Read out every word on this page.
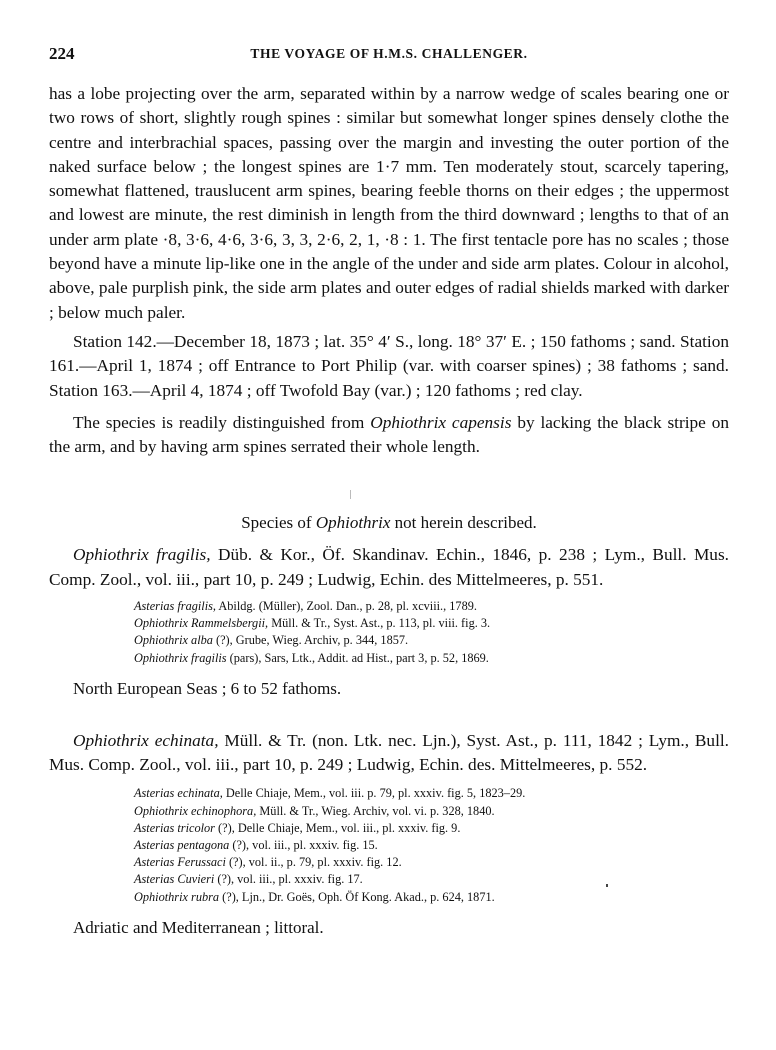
224	THE VOYAGE OF H.M.S. CHALLENGER.

has a lobe projecting over the arm, separated within by a narrow wedge of scales bearing one or two rows of short, slightly rough spines : similar but somewhat longer spines densely clothe the centre and interbrachial spaces, passing over the margin and investing the outer portion of the naked surface below ; the longest spines are 1·7 mm. Ten moderately stout, scarcely tapering, somewhat flattened, trauslucent arm spines, bearing feeble thorns on their edges ; the uppermost and lowest are minute, the rest diminish in length from the third downward ; lengths to that of an under arm plate ·8, 3·6, 4·6, 3·6, 3, 3, 2·6, 2, 1, ·8 : 1. The first tentacle pore has no scales ; those beyond have a minute lip-like one in the angle of the under and side arm plates. Colour in alcohol, above, pale purplish pink, the side arm plates and outer edges of radial shields marked with darker ; below much paler.

Station 142.—December 18, 1873 ; lat. 35° 4′ S., long. 18° 37′ E. ; 150 fathoms ; sand. Station 161.—April 1, 1874 ; off Entrance to Port Philip (var. with coarser spines) ; 38 fathoms ; sand. Station 163.—April 4, 1874 ; off Twofold Bay (var.) ; 120 fathoms ; red clay.

The species is readily distinguished from Ophiothrix capensis by lacking the black stripe on the arm, and by having arm spines serrated their whole length.

Species of Ophiothrix not herein described.

Ophiothrix fragilis, Düb. & Kor., Öf. Skandinav. Echin., 1846, p. 238 ; Lym., Bull. Mus. Comp. Zool., vol. iii., part 10, p. 249 ; Ludwig, Echin. des Mittelmeeres, p. 551.

Asterias fragilis, Abildg. (Müller), Zool. Dan., p. 28, pl. xcviii., 1789.
Ophiothrix Rammelsbergii, Müll. & Tr., Syst. Ast., p. 113, pl. viii. fig. 3.
Ophiothrix alba (?), Grube, Wieg. Archiv, p. 344, 1857.
Ophiothrix fragilis (pars), Sars, Ltk., Addit. ad Hist., part 3, p. 52, 1869.

North European Seas ; 6 to 52 fathoms.

Ophiothrix echinata, Müll. & Tr. (non. Ltk. nec. Ljn.), Syst. Ast., p. 111, 1842 ; Lym., Bull. Mus. Comp. Zool., vol. iii., part 10, p. 249 ; Ludwig, Echin. des. Mittelmeeres, p. 552.

Asterias echinata, Delle Chiaje, Mem., vol. iii. p. 79, pl. xxxiv. fig. 5, 1823–29.
Ophiothrix echinophora, Müll. & Tr., Wieg. Archiv, vol. vi. p. 328, 1840.
Asterias tricolor (?), Delle Chiaje, Mem., vol. iii., pl. xxxiv. fig. 9.
Asterias pentagona (?), vol. iii., pl. xxxiv. fig. 15.
Asterias Ferussaci (?), vol. ii., p. 79, pl. xxxiv. fig. 12.
Asterias Cuvieri (?), vol. iii., pl. xxxiv. fig. 17.
Ophiothrix rubra (?), Ljn., Dr. Goës, Oph. Öf Kong. Akad., p. 624, 1871.

Adriatic and Mediterranean ; littoral.
